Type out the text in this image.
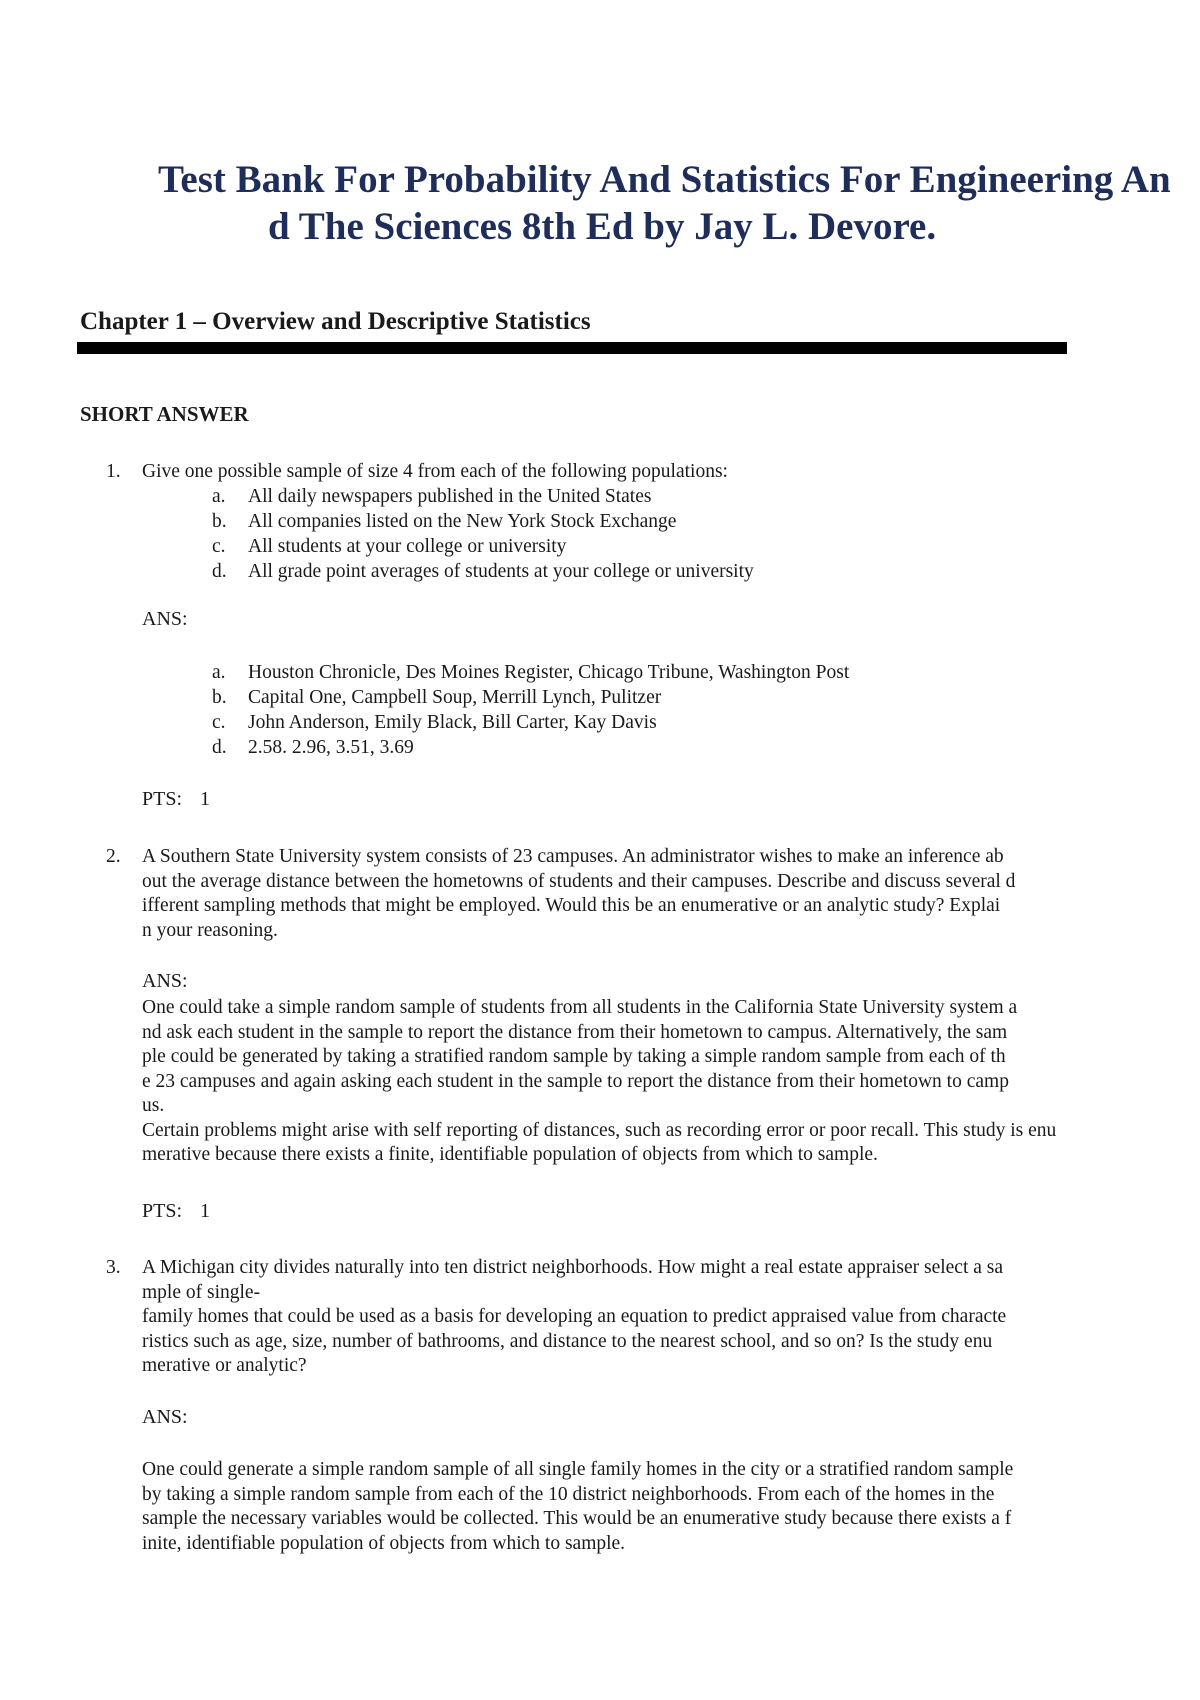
Test Bank For Probability And Statistics For Engineering An
d The Sciences 8th Ed by Jay L. Devore.
Chapter 1 – Overview and Descriptive Statistics
SHORT ANSWER
1. Give one possible sample of size 4 from each of the following populations:
a. All daily newspapers published in the United States
b. All companies listed on the New York Stock Exchange
c. All students at your college or university
d. All grade point averages of students at your college or university
ANS:
a. Houston Chronicle, Des Moines Register, Chicago Tribune, Washington Post
b. Capital One, Campbell Soup, Merrill Lynch, Pulitzer
c. John Anderson, Emily Black, Bill Carter, Kay Davis
d. 2.58. 2.96, 3.51, 3.69
PTS: 1
2. A Southern State University system consists of 23 campuses. An administrator wishes to make an inference ab
out the average distance between the hometowns of students and their campuses. Describe and discuss several d
ifferent sampling methods that might be employed. Would this be an enumerative or an analytic study? Explai
n your reasoning.
ANS:
One could take a simple random sample of students from all students in the California State University system a
nd ask each student in the sample to report the distance from their hometown to campus. Alternatively, the sam
ple could be generated by taking a stratified random sample by taking a simple random sample from each of th
e 23 campuses and again asking each student in the sample to report the distance from their hometown to camp
us.
Certain problems might arise with self reporting of distances, such as recording error or poor recall. This study is enu
merative because there exists a finite, identifiable population of objects from which to sample.
PTS: 1
3. A Michigan city divides naturally into ten district neighborhoods. How might a real estate appraiser select a sa
mple of single-
family homes that could be used as a basis for developing an equation to predict appraised value from characte
ristics such as age, size, number of bathrooms, and distance to the nearest school, and so on? Is the study enu
merative or analytic?
ANS:
One could generate a simple random sample of all single family homes in the city or a stratified random sample
by taking a simple random sample from each of the 10 district neighborhoods. From each of the homes in the
sample the necessary variables would be collected. This would be an enumerative study because there exists a f
inite, identifiable population of objects from which to sample.
